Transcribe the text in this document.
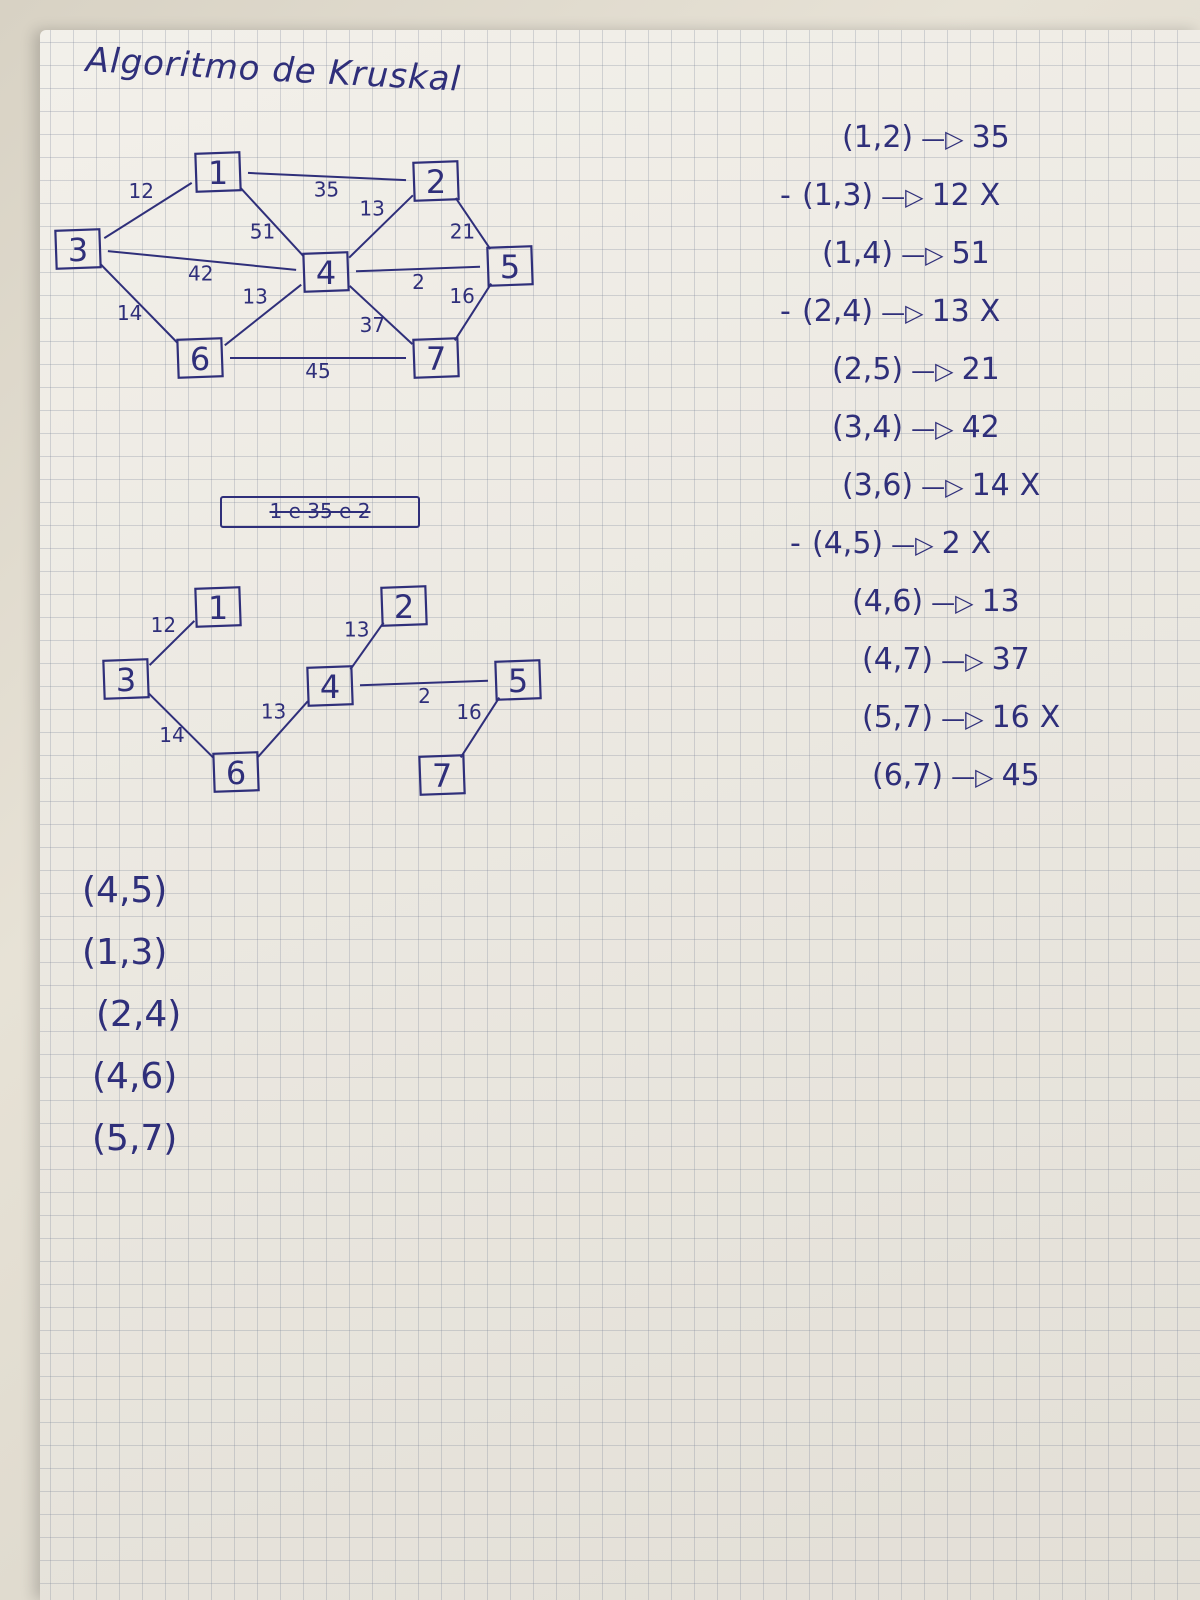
Algoritmo de Kruskal
35
12
51
13
21
42
14
2
13
37
16
45
1	2
3
4	5
6	7
12	13
14
2
13	16
1	2
3	4	5
6	7
1 e 35 e 2
(1,2) —▷ 35
- (1,3) —▷ 12 X
(1,4) —▷ 51
- (2,4) —▷ 13 X
(2,5) —▷ 21
(3,4) —▷ 42
(3,6) —▷ 14 X
- (4,5) —▷ 2 X
(4,6) —▷ 13
(4,7) —▷ 37
(5,7) —▷ 16 X
(6,7) —▷ 45
(4,5)
(1,3)
(2,4)
(4,6)
(5,7)
